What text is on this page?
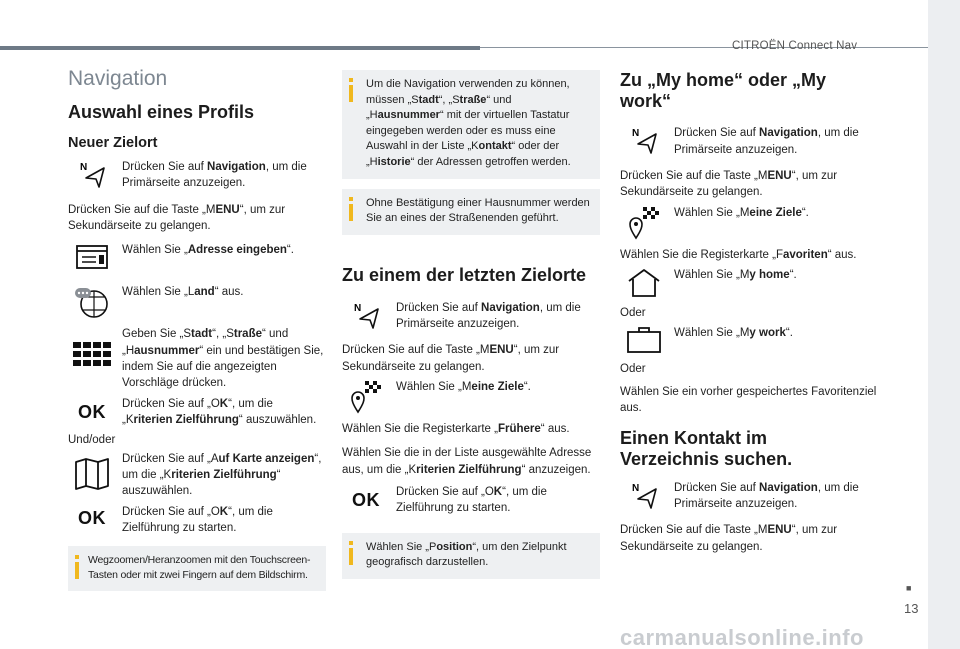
CITROËN Connect Nav
■
13
Navigation
Auswahl eines Profils
Neuer Zielort
N	Drücken Sie auf Navigation, um die Primärseite anzuzeigen.

Drücken Sie auf die Taste „MENU“, um zur Sekundärseite zu gelangen.

Wählen Sie „Adresse eingeben“.
Wählen Sie „Land“ aus.
Geben Sie „Stadt“, „Straße“ und „Hausnummer“ ein und bestätigen Sie, indem Sie auf die angezeigten Vorschläge drücken.
OK	Drücken Sie auf „OK“, um die „Kriterien Zielführung“ auszuwählen.

Und/oder

Drücken Sie auf „Auf Karte anzeigen“, um die „Kriterien Zielführung“ auszuwählen.
OK	Drücken Sie auf „OK“, um die Zielführung zu starten.

Wegzoomen/Heranzoomen mit den Touchscreen-Tasten oder mit zwei Fingern auf dem Bildschirm.

Um die Navigation verwenden zu können, müssen „Stadt“, „Straße“ und „Hausnummer“ mit der virtuellen Tastatur eingegeben werden oder es muss eine Auswahl in der Liste „Kontakt“ oder der „Historie“ der Adressen getroffen werden.

Ohne Bestätigung einer Hausnummer werden Sie an eines der Straßenenden geführt.

Zu einem der letzten Zielorte
N	Drücken Sie auf Navigation, um die Primärseite anzuzeigen.

Drücken Sie auf die Taste „MENU“, um zur Sekundärseite zu gelangen.

Wählen Sie „Meine Ziele“.

Wählen Sie die Registerkarte „Frühere“ aus.

Wählen Sie die in der Liste ausgewählte Adresse aus, um die „Kriterien Zielführung“ anzuzeigen.

OK	Drücken Sie auf „OK“, um die Zielführung zu starten.

Wählen Sie „Position“, um den Zielpunkt geografisch darzustellen.

Zu „My home“ oder „My work“
N	Drücken Sie auf Navigation, um die Primärseite anzuzeigen.

Drücken Sie auf die Taste „MENU“, um zur Sekundärseite zu gelangen.

Wählen Sie „Meine Ziele“.

Wählen Sie die Registerkarte „Favoriten“ aus.

Wählen Sie „My home“.

Oder

Wählen Sie „My work“.

Oder

Wählen Sie ein vorher gespeichertes Favoritenziel aus.

Einen Kontakt im Verzeichnis suchen.
N	Drücken Sie auf Navigation, um die Primärseite anzuzeigen.

Drücken Sie auf die Taste „MENU“, um zur Sekundärseite zu gelangen.

carmanualsonline.info
